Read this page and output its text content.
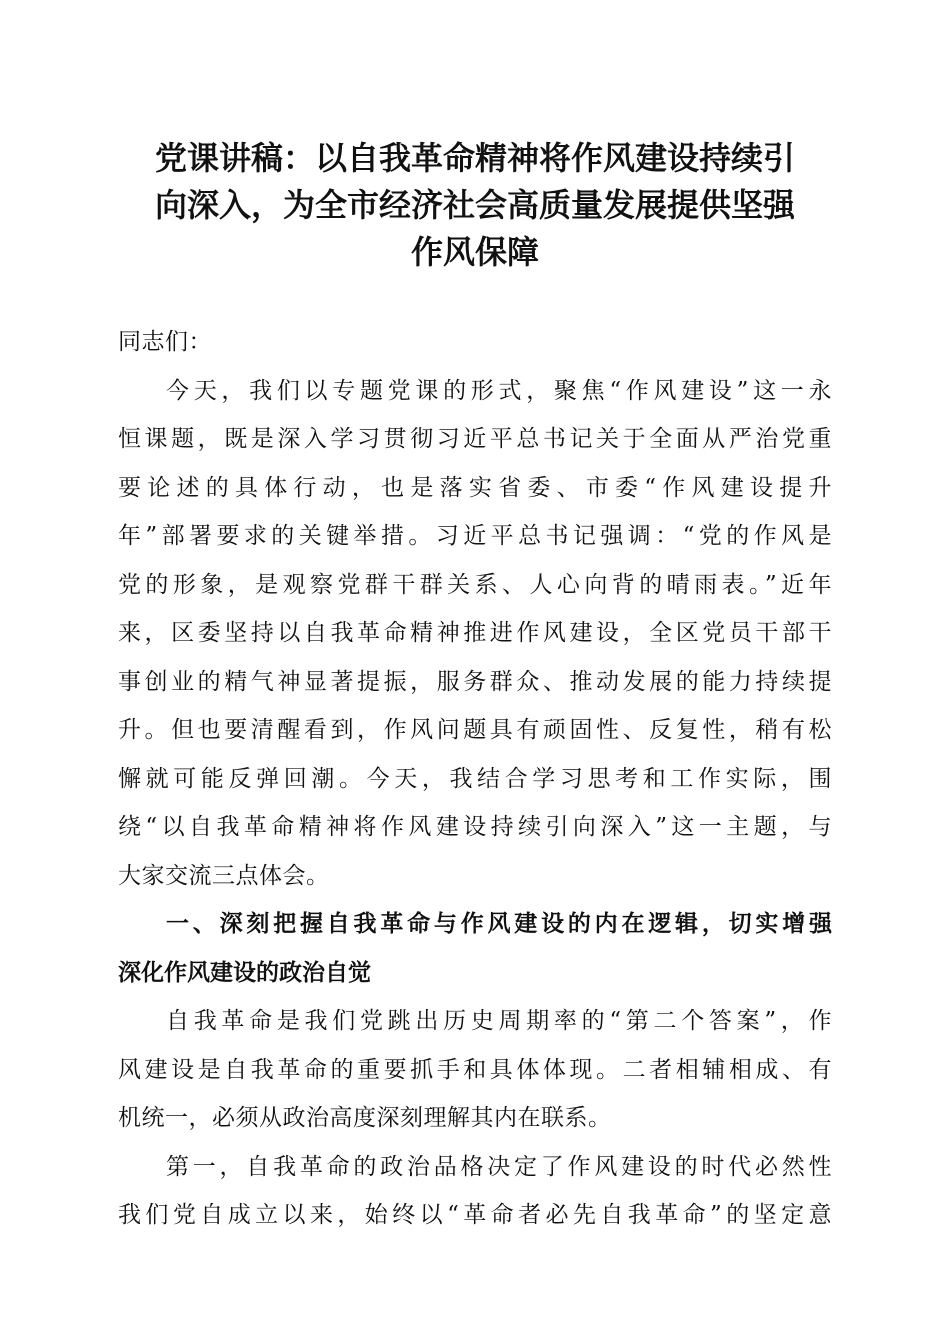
党课讲稿：以自我革命精神将作风建设持续引
向深入，为全市经济社会高质量发展提供坚强
作风保障
同志们：
今天，我们以专题党课的形式，聚焦“作风建设”这一永
恒课题，既是深入学习贯彻习近平总书记关于全面从严治党重
要论述的具体行动，也是落实省委、市委“作风建设提升
年”部署要求的关键举措。习近平总书记强调：“党的作风是
党的形象，是观察党群干群关系、人心向背的晴雨表。”近年
来，区委坚持以自我革命精神推进作风建设，全区党员干部干
事创业的精气神显著提振，服务群众、推动发展的能力持续提
升。但也要清醒看到，作风问题具有顽固性、反复性，稍有松
懈就可能反弹回潮。今天，我结合学习思考和工作实际，围
绕“以自我革命精神将作风建设持续引向深入”这一主题，与
大家交流三点体会。
一、深刻把握自我革命与作风建设的内在逻辑，切实增强
深化作风建设的政治自觉
自我革命是我们党跳出历史周期率的“第二个答案”，作
风建设是自我革命的重要抓手和具体体现。二者相辅相成、有
机统一，必须从政治高度深刻理解其内在联系。
第一，自我革命的政治品格决定了作风建设的时代必然性
我们党自成立以来，始终以“革命者必先自我革命”的坚定意
